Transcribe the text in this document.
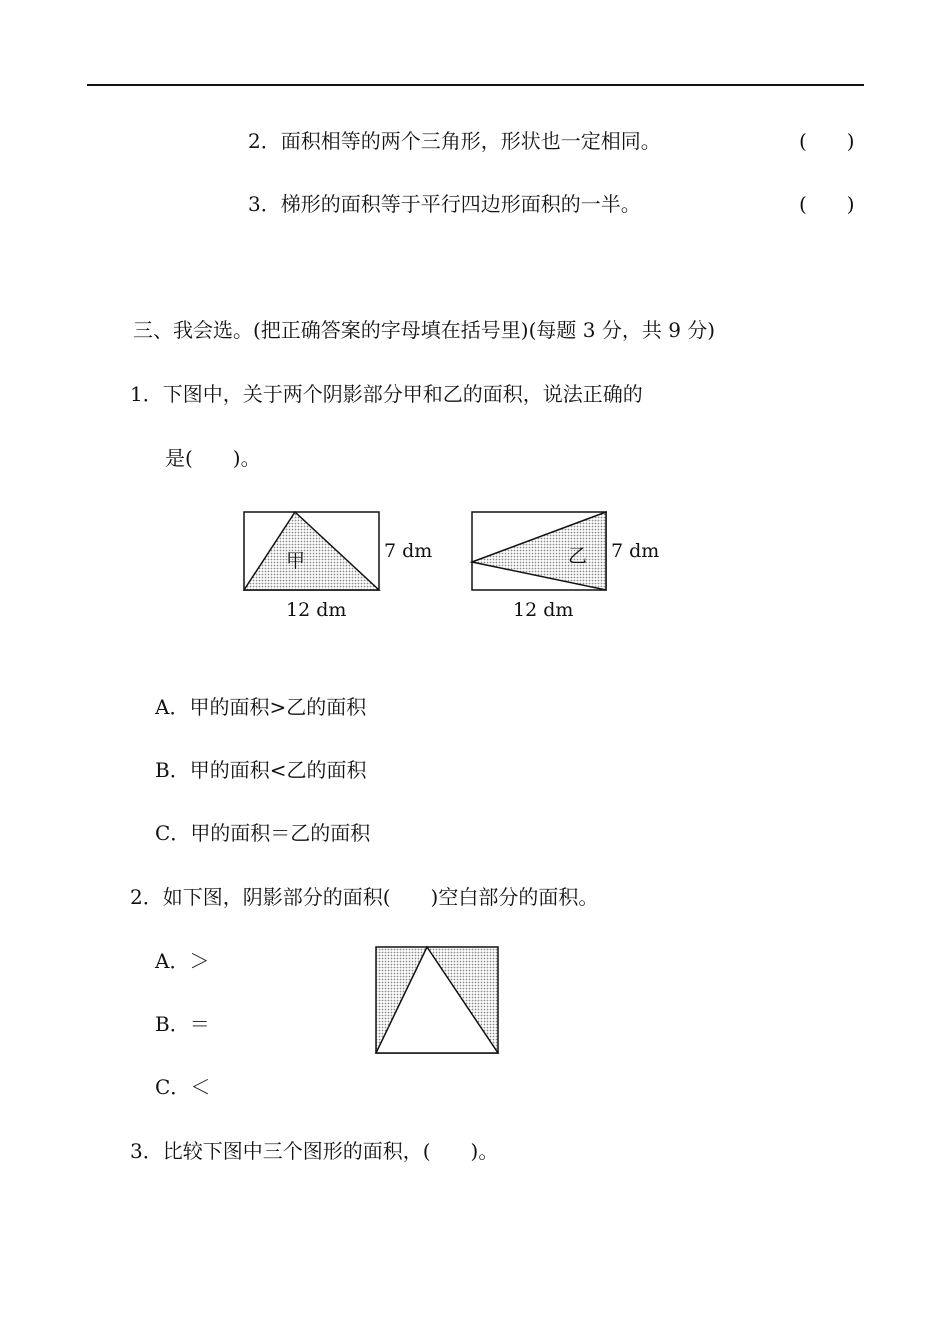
2．面积相等的两个三角形，形状也一定相同。	(　　)
3．梯形的面积等于平行四边形面积的一半。	(　　)
三、我会选。(把正确答案的字母填在括号里)(每题 3 分，共 9 分)
1．下图中，关于两个阴影部分甲和乙的面积，说法正确的
是(　　)。
甲	7 dm
12 dm
乙 7 dm
12 dm
A．甲的面积>乙的面积
B．甲的面积<乙的面积
C．甲的面积＝乙的面积
2．如下图，阴影部分的面积(　　)空白部分的面积。
A．＞
B．＝
C．＜
3．比较下图中三个图形的面积，(　　)。
